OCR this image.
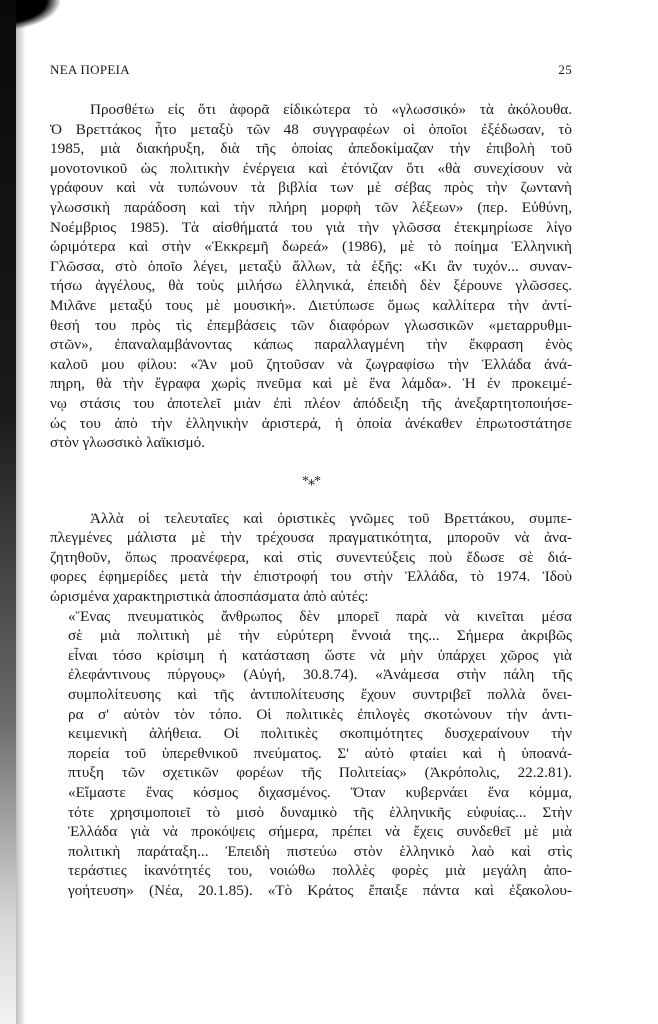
ΝΕΑ ΠΟΡΕΙΑ	25
Προσθέτω εἰς ὅτι ἀφορᾶ εἰδικώτερα τὸ «γλωσσικό» τὰ ἀκόλουθα.
Ὁ Βρεττάκος ἦτο μεταξὺ τῶν 48 συγγραφέων οἱ ὁποῖοι ἐξέδωσαν, τὸ
1985, μιὰ διακήρυξη, διὰ τῆς ὁποίας ἀπεδοκίμαζαν τὴν ἐπιβολὴ τοῦ
μονοτονικοῦ ὡς πολιτικὴν ἐνέργεια καὶ ἐτόνιζαν ὅτι «θὰ συνεχίσουν νὰ
γράφουν καὶ νὰ τυπώνουν τὰ βιβλία των μὲ σέβας πρὸς τὴν ζωντανὴ
γλωσσικὴ παράδοση καὶ τὴν πλήρη μορφὴ τῶν λέξεων» (περ. Εὐθύνη,
Νοέμβριος 1985). Τὰ αἰσθήματά του γιὰ τὴν γλῶσσα ἐτεκμηρίωσε λίγο
ὡριμότερα καὶ στὴν «Ἐκκρεμῆ δωρεά» (1986), μὲ τὸ ποίημα Ἑλληνικὴ
Γλῶσσα, στὸ ὁποῖο λέγει, μεταξὺ ἄλλων, τὰ ἑξῆς: «Κι ἂν τυχόν... συναν-
τήσω ἀγγέλους, θὰ τοὺς μιλήσω ἑλληνικά, ἐπειδὴ δὲν ξέρουνε γλῶσσες.
Μιλᾶνε μεταξύ τους μὲ μουσική». Διετύπωσε ὅμως καλλίτερα τὴν ἀντί-
θεσή του πρὸς τὶς ἐπεμβάσεις τῶν διαφόρων γλωσσικῶν «μεταρρυθμι-
στῶν», ἐπαναλαμβάνοντας κάπως παραλλαγμένη τὴν ἔκφραση ἑνὸς
καλοῦ μου φίλου: «Ἂν μοῦ ζητοῦσαν νὰ ζωγραφίσω τὴν Ἑλλάδα ἀνά-
πηρη, θὰ τὴν ἔγραφα χωρὶς πνεῦμα καὶ μὲ ἕνα λάμδα». Ἡ ἐν προκειμέ-
νῳ στάσις του ἀποτελεῖ μιὰν ἐπὶ πλέον ἀπόδειξη τῆς ἀνεξαρτητοποιήσε-
ώς του ἀπὸ τὴν ἑλληνικὴν ἀριστερά, ἡ ὁποία ἀνέκαθεν ἐπρωτοστάτησε
στὸν γλωσσικὸ λαϊκισμό.
*⁎*
Ἀλλὰ οἱ τελευταῖες καὶ ὁριστικὲς γνῶμες τοῦ Βρεττάκου, συμπε-
πλεγμένες μάλιστα μὲ τὴν τρέχουσα πραγματικότητα, μποροῦν νὰ ἀνα-
ζητηθοῦν, ὅπως προανέφερα, καὶ στὶς συνεντεύξεις ποὺ ἔδωσε σὲ διά-
φορες ἐφημερίδες μετὰ τὴν ἐπιστροφή του στὴν Ἑλλάδα, τὸ 1974. Ἰδοὺ
ὡρισμένα χαρακτηριστικὰ ἀποσπάσματα ἀπὸ αὐτές:
«Ἕνας πνευματικὸς ἄνθρωπος δὲν μπορεῖ παρὰ νὰ κινεῖται μέσα
σὲ μιὰ πολιτικὴ μὲ τὴν εὐρύτερη ἔννοιά της... Σήμερα ἀκριβῶς
εἶναι τόσο κρίσιμη ἡ κατάσταση ὥστε νὰ μὴν ὑπάρχει χῶρος γιὰ
ἐλεφάντινους πύργους» (Αὐγή, 30.8.74). «Ἀνάμεσα στὴν πάλη τῆς
συμπολίτευσης καὶ τῆς ἀντιπολίτευσης ἔχουν συντριβεῖ πολλὰ ὄνει-
ρα σ' αὐτὸν τὸν τόπο. Οἱ πολιτικὲς ἐπιλογὲς σκοτώνουν τὴν ἀντι-
κειμενικὴ ἀλήθεια. Οἱ πολιτικὲς σκοπιμότητες δυσχεραίνουν τὴν
πορεία τοῦ ὑπερεθνικοῦ πνεύματος. Σ' αὐτὸ φταίει καὶ ἡ ὑποανά-
πτυξη τῶν σχετικῶν φορέων τῆς Πολιτείας» (Ἀκρόπολις, 22.2.81).
«Εἴμαστε ἕνας κόσμος διχασμένος. Ὅταν κυβερνάει ἕνα κόμμα,
τότε χρησιμοποιεῖ τὸ μισὸ δυναμικὸ τῆς ἑλληνικῆς εὐφυίας... Στὴν
Ἑλλάδα γιὰ νὰ προκόψεις σήμερα, πρέπει νὰ ἔχεις συνδεθεῖ μὲ μιὰ
πολιτικὴ παράταξη... Ἐπειδὴ πιστεύω στὸν ἑλληνικὸ λαὸ καὶ στὶς
τεράστιες ἱκανότητές του, νοιώθω πολλὲς φορὲς μιὰ μεγάλη ἀπο-
γοήτευση» (Νέα, 20.1.85). «Τὸ Κράτος ἔπαιξε πάντα καὶ ἐξακολου-
